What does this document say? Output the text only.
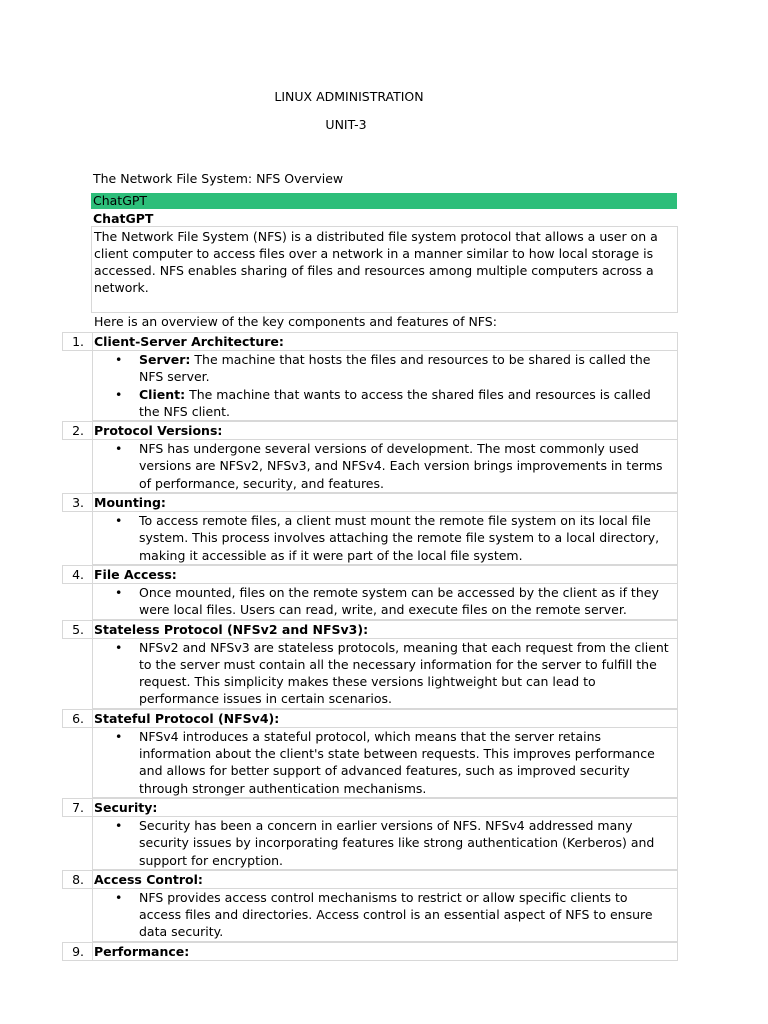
LINUX ADMINISTRATION
UNIT-3
The Network File System: NFS Overview
ChatGPT
ChatGPT

The Network File System (NFS) is a distributed file system protocol that allows a user on a client computer to access files over a network in a manner similar to how local storage is accessed. NFS enables sharing of files and resources among multiple computers across a network.

Here is an overview of the key components and features of NFS:

1. Client-Server Architecture:
•	Server: The machine that hosts the files and resources to be shared is called the NFS server.
•	Client: The machine that wants to access the shared files and resources is called the NFS client.
2. Protocol Versions:
•	NFS has undergone several versions of development. The most commonly used versions are NFSv2, NFSv3, and NFSv4. Each version brings improvements in terms of performance, security, and features.
3. Mounting:
•	To access remote files, a client must mount the remote file system on its local file system. This process involves attaching the remote file system to a local directory, making it accessible as if it were part of the local file system.
4. File Access:
•	Once mounted, files on the remote system can be accessed by the client as if they were local files. Users can read, write, and execute files on the remote server.
5. Stateless Protocol (NFSv2 and NFSv3):
•	NFSv2 and NFSv3 are stateless protocols, meaning that each request from the client to the server must contain all the necessary information for the server to fulfill the request. This simplicity makes these versions lightweight but can lead to performance issues in certain scenarios.
6. Stateful Protocol (NFSv4):
•	NFSv4 introduces a stateful protocol, which means that the server retains information about the client's state between requests. This improves performance and allows for better support of advanced features, such as improved security through stronger authentication mechanisms.
7. Security:
•	Security has been a concern in earlier versions of NFS. NFSv4 addressed many security issues by incorporating features like strong authentication (Kerberos) and support for encryption.
8. Access Control:
•	NFS provides access control mechanisms to restrict or allow specific clients to access files and directories. Access control is an essential aspect of NFS to ensure data security.
9. Performance:
